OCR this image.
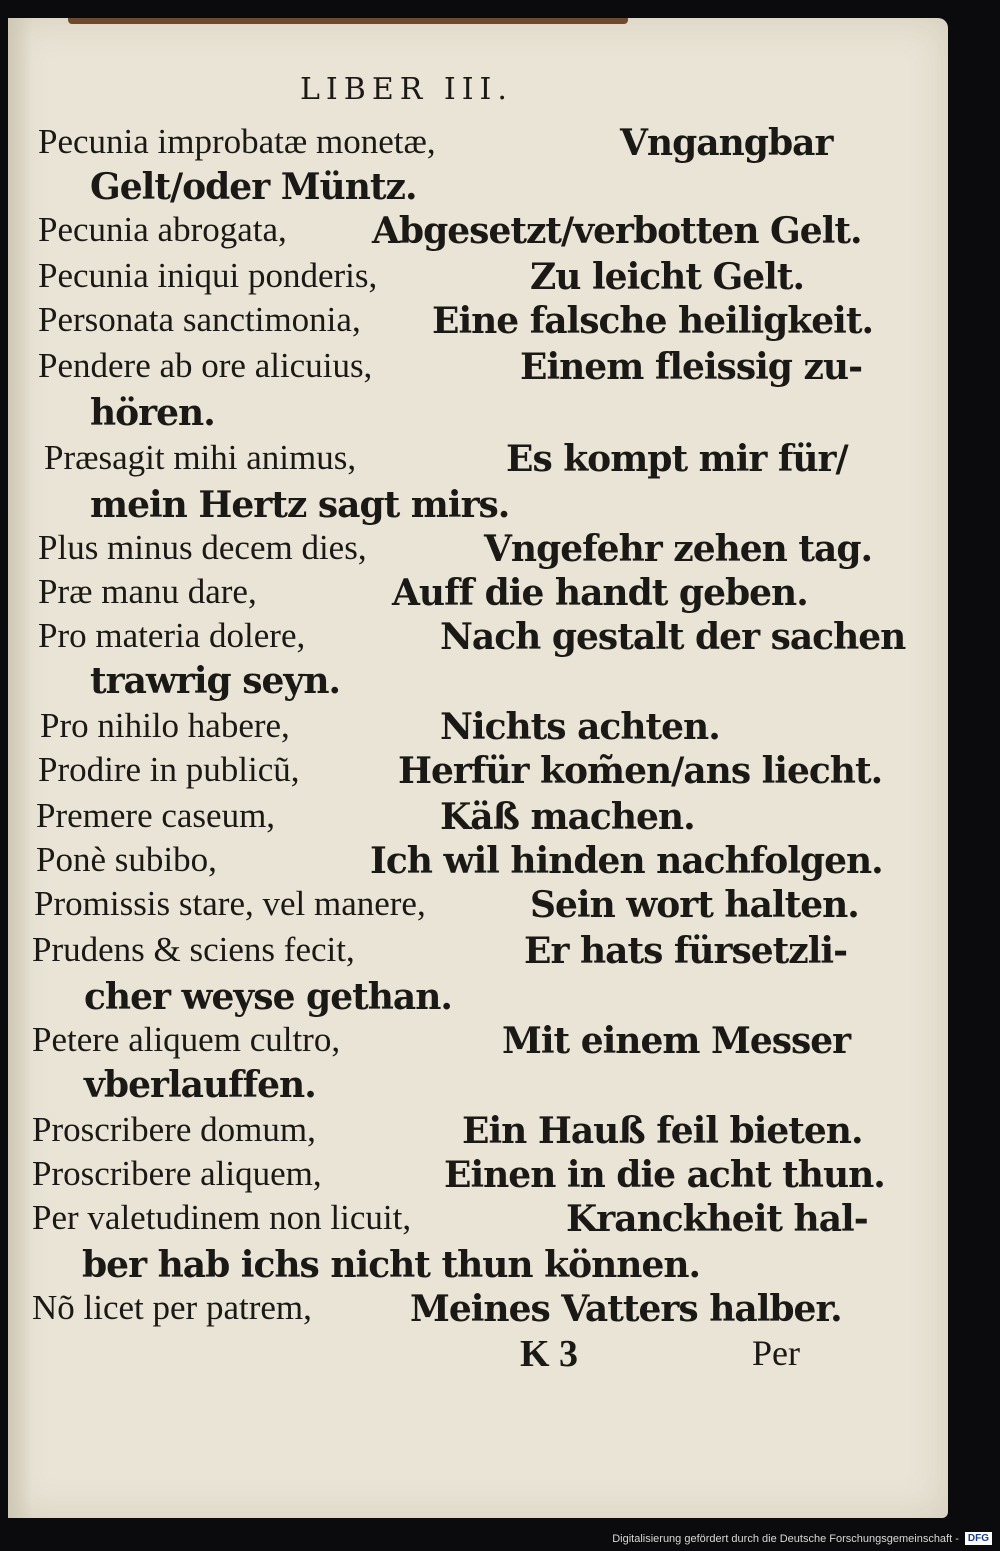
LIBER III.
Pecunia improbatæ monetæ,	Vngangbar
Gelt/oder Müntz.
Pecunia abrogata, Abgesetzt/verbotten Gelt.
Pecunia iniqui ponderis,	Zu leicht Gelt.
Personata sanctimonia, Eine falsche heiligkeit.
Pendere ab ore alicuius,	Einem fleissig zu-
hören.
Præsagit mihi animus,	Es kompt mir für/
mein Hertz sagt mirs.
Plus minus decem dies,	Vngefehr zehen tag.
Præ manu dare,	Auff die handt geben.
Pro materia dolere,	Nach gestalt der sachen
trawrig seyn.
Pro nihilo habere,	Nichts achten.
Prodire in publicũ,	Herfür kom̃en/ans liecht.
Premere caseum,	Käß machen.
Ponè subibo,	Ich wil hinden nachfolgen.
Promissis stare, vel manere,	Sein wort halten.
Prudens & sciens fecit,	Er hats fürsetzli-
cher weyse gethan.
Petere aliquem cultro,	Mit einem Messer
vberlauffen.
Proscribere domum,	Ein Hauß feil bieten.
Proscribere aliquem,	Einen in die acht thun.
Per valetudinem non licuit,	Kranckheit hal-
ber hab ichs nicht thun können.
Nõ licet per patrem,	Meines Vatters halber.
K 3	Per
Digitalisierung gefördert durch die Deutsche Forschungsgemeinschaft - DFG
